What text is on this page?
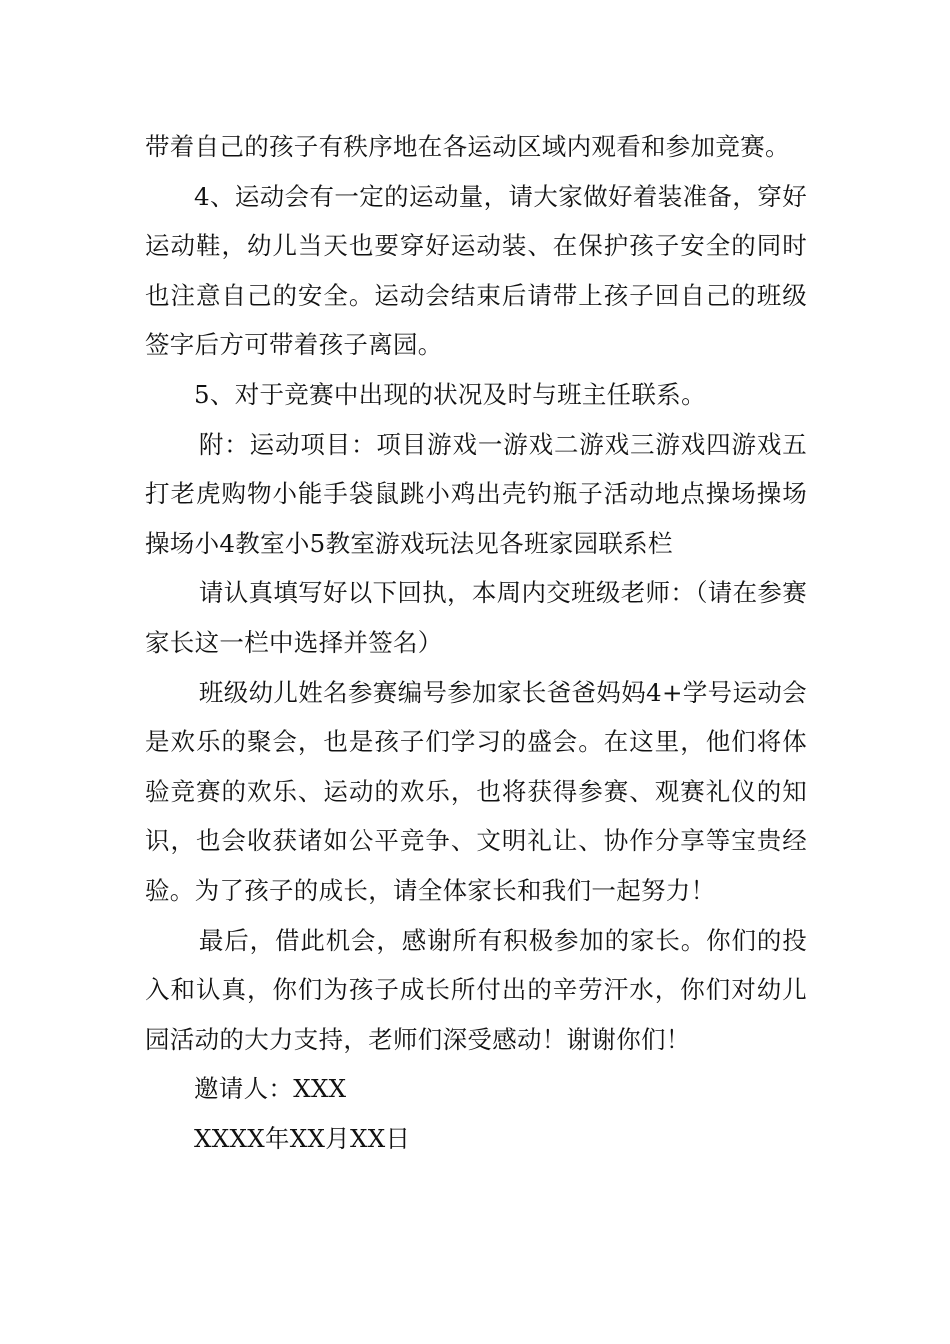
带着自己的孩子有秩序地在各运动区域内观看和参加竞赛。

4、运动会有一定的运动量，请大家做好着装准备，穿好运动鞋，幼儿当天也要穿好运动装、在保护孩子安全的同时也注意自己的安全。运动会结束后请带上孩子回自己的班级签字后方可带着孩子离园。

5、对于竞赛中出现的状况及时与班主任联系。

附：运动项目：项目游戏一游戏二游戏三游戏四游戏五打老虎购物小能手袋鼠跳小鸡出壳钓瓶子活动地点操场操场操场小4教室小5教室游戏玩法见各班家园联系栏

请认真填写好以下回执，本周内交班级老师：（请在参赛家长这一栏中选择并签名）

班级幼儿姓名参赛编号参加家长爸爸妈妈4+学号运动会是欢乐的聚会，也是孩子们学习的盛会。在这里，他们将体验竞赛的欢乐、运动的欢乐，也将获得参赛、观赛礼仪的知识，也会收获诸如公平竞争、文明礼让、协作分享等宝贵经验。为了孩子的成长，请全体家长和我们一起努力！

最后，借此机会，感谢所有积极参加的家长。你们的投入和认真，你们为孩子成长所付出的辛劳汗水，你们对幼儿园活动的大力支持，老师们深受感动！谢谢你们！

邀请人：XXX

XXXX年XX月XX日
